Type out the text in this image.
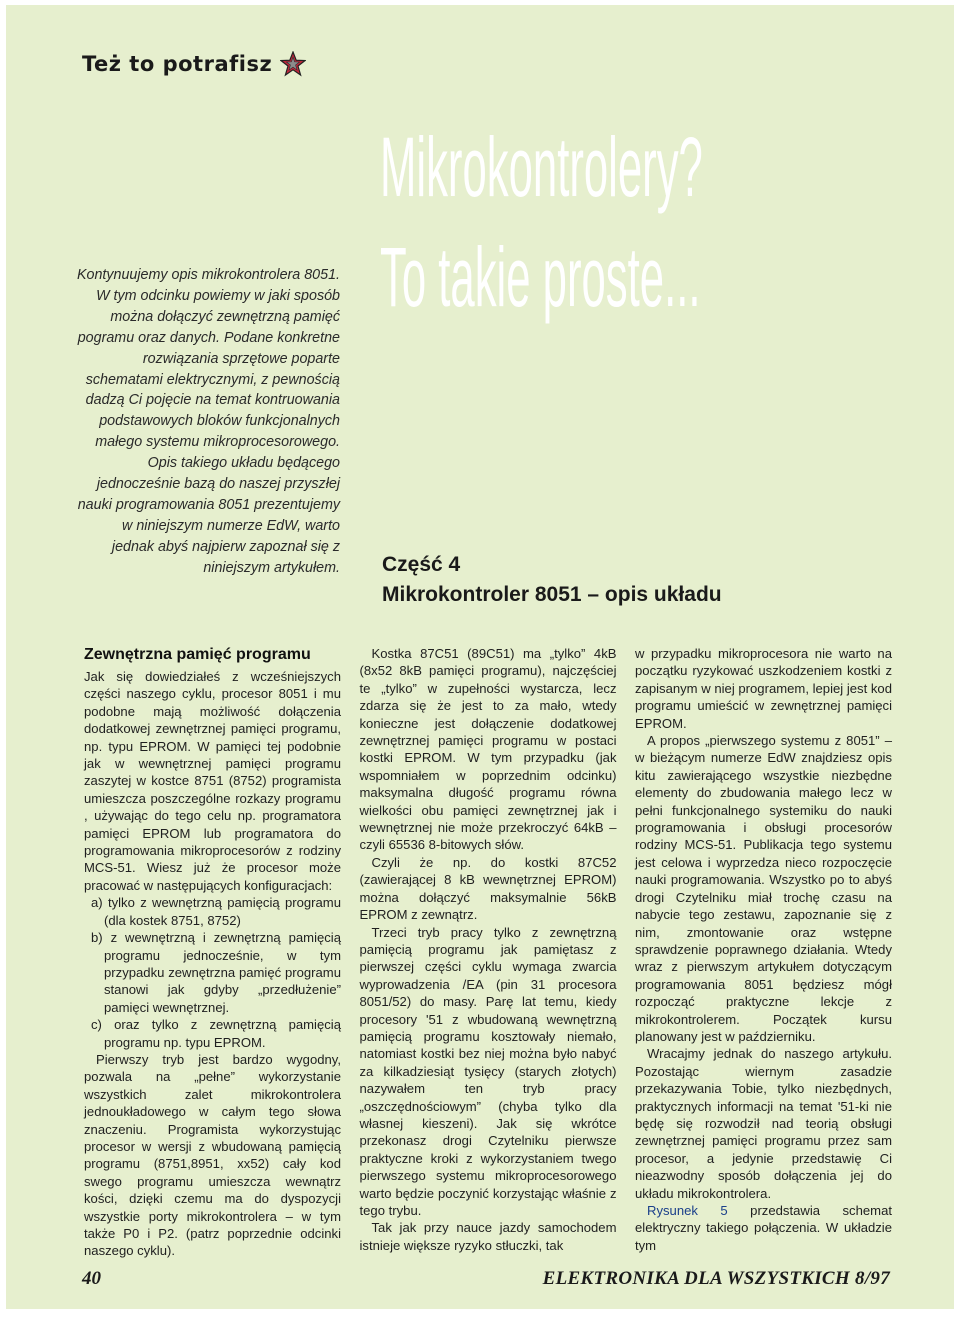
Też to potrafisz
Mikrokontrolery?
To takie proste...

Kontynuujemy opis mikrokontrolera 8051. W tym odcinku powiemy w jaki sposób można dołączyć zewnętrzną pamięć pogramu oraz danych. Podane konkretne rozwiązania sprzętowe poparte schematami elektrycznymi, z pewnością dadzą Ci pojęcie na temat kontruowania podstawowych bloków funkcjonalnych małego systemu mikroprocesorowego. Opis takiego układu będącego jednocześnie bazą do naszej przyszłej nauki programowania 8051 prezentujemy w niniejszym numerze EdW, warto jednak abyś najpierw zapoznał się z niniejszym artykułem. Część 4
Mikrokontroler 8051 – opis układu
Zewnętrzna pamięć programu

Jak się dowiedziałeś z wcześniejszych części naszego cyklu, procesor 8051 i mu podobne mają możliwość dołączenia dodatkowej zewnętrznej pamięci programu, np. typu EPROM. W pamięci tej podobnie jak w wewnętrznej pamięci programu zaszytej w kostce 8751 (8752) programista umieszcza poszczególne rozkazy programu , używając do tego celu np. programatora pamięci EPROM lub programatora do programowania mikroprocesorów z rodziny MCS-51. Wiesz już że procesor może pracować w następujących konfiguracjach:

a) tylko z wewnętrzną pamięcią programu (dla kostek 8751, 8752)
b) z wewnętrzną i zewnętrzną pamięcią programu jednocześnie, w tym przypadku zewnętrzna pamięć programu stanowi jak gdyby „przedłużenie” pamięci wewnętrznej.
c) oraz tylko z zewnętrzną pamięcią programu np. typu EPROM.

Pierwszy tryb jest bardzo wygodny, pozwala na „pełne” wykorzystanie wszystkich zalet mikrokontrolera jednoukładowego w całym tego słowa znaczeniu. Programista wykorzystując procesor w wersji z wbudowaną pamięcią programu (8751,8951, xx52) cały kod swego programu umieszcza wewnątrz kości, dzięki czemu ma do dyspozycji wszystkie porty mikrokontrolera – w tym także P0 i P2. (patrz poprzednie odcinki naszego cyklu).

Kostka 87C51 (89C51) ma „tylko” 4kB (8x52 8kB pamięci programu), najczęściej te „tylko” w zupełności wystarcza, lecz zdarza się że jest to za mało, wtedy konieczne jest dołączenie dodatkowej zewnętrznej pamięci programu w postaci kostki EPROM. W tym przypadku (jak wspomniałem w poprzednim odcinku) maksymalna długość programu równa wielkości obu pamięci zewnętrznej jak i wewnętrznej nie może przekroczyć 64kB – czyli 65536 8-bitowych słów.

Czyli że np. do kostki 87C52 (zawierającej 8 kB wewnętrznej EPROM) można dołączyć maksymalnie 56kB EPROM z zewnątrz.

Trzeci tryb pracy tylko z zewnętrzną pamięcią programu jak pamiętasz z pierwszej części cyklu wymaga zwarcia wyprowadzenia /EA (pin 31 procesora 8051/52) do masy. Parę lat temu, kiedy procesory '51 z wbudowaną wewnętrzną pamięcią programu kosztowały niemało, natomiast kostki bez niej można było nabyć za kilkadziesiąt tysięcy (starych złotych) nazywałem ten tryb pracy „oszczędnościowym” (chyba tylko dla własnej kieszeni). Jak się wkrótce przekonasz drogi Czytelniku pierwsze praktyczne kroki z wykorzystaniem twego pierwszego systemu mikroprocesorowego warto będzie poczynić korzystając właśnie z tego trybu.

Tak jak przy nauce jazdy samochodem istnieje większe ryzyko stłuczki, tak

w przypadku mikroprocesora nie warto na początku ryzykować uszkodzeniem kostki z zapisanym w niej programem, lepiej jest kod programu umieścić w zewnętrznej pamięci EPROM.

A propos „pierwszego systemu z 8051” – w bieżącym numerze EdW znajdziesz opis kitu zawierającego wszystkie niezbędne elementy do zbudowania małego lecz w pełni funkcjonalnego systemiku do nauki programowania i obsługi procesorów rodziny MCS-51. Publikacja tego systemu jest celowa i wyprzedza nieco rozpoczęcie nauki programowania. Wszystko po to abyś drogi Czytelniku miał trochę czasu na nabycie tego zestawu, zapoznanie się z nim, zmontowanie oraz wstępne sprawdzenie poprawnego działania. Wtedy wraz z pierwszym artykułem dotyczącym programowania 8051 będziesz mógł rozpocząć praktyczne lekcje z mikrokontrolerem. Początek kursu planowany jest w październiku.

Wracajmy jednak do naszego artykułu. Pozostając wiernym zasadzie przekazywania Tobie, tylko niezbędnych, praktycznych informacji na temat '51-ki nie będę się rozwodził nad teorią obsługi zewnętrznej pamięci programu przez sam procesor, a jedynie przedstawię Ci nieazwodny sposób dołączenia jej do układu mikrokontrolera.

Rysunek 5 przedstawia schemat elektryczny takiego połączenia. W układzie tym

40	ELEKTRONIKA DLA WSZYSTKICH 8/97
